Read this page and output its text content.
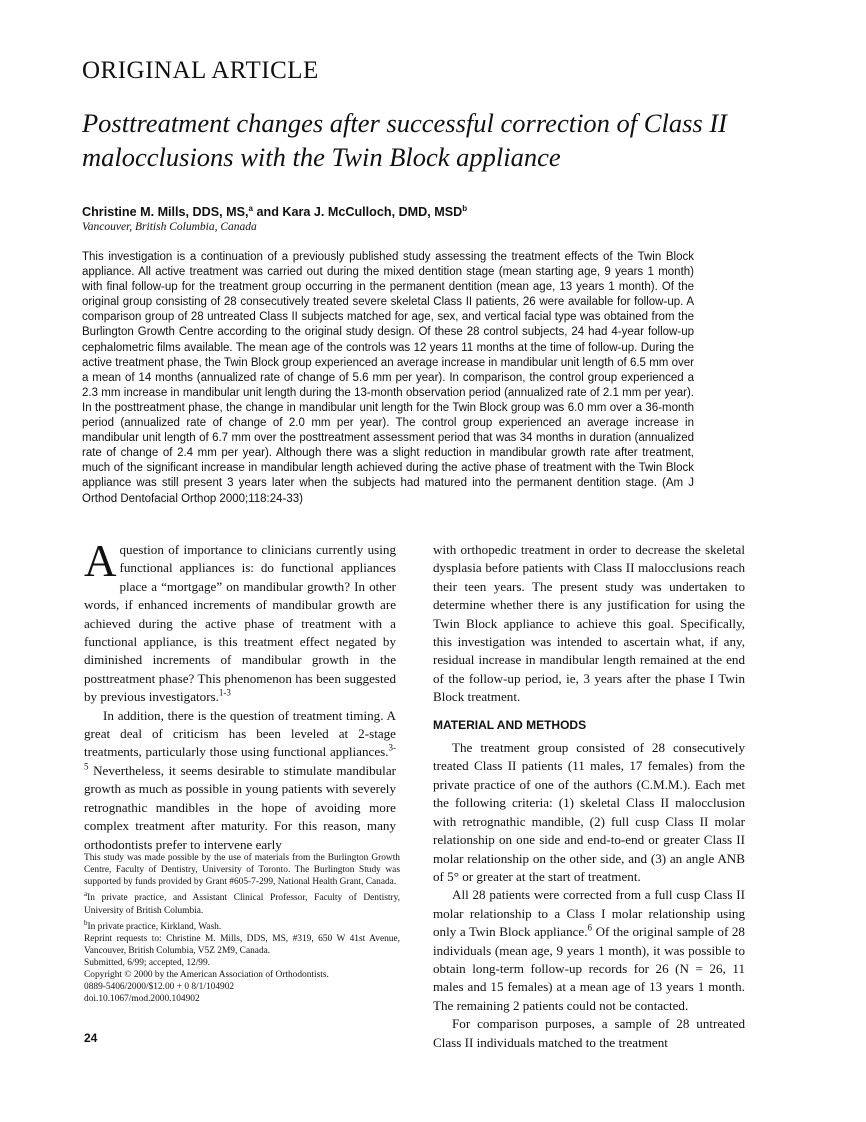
ORIGINAL ARTICLE
Posttreatment changes after successful correction of Class II
malocclusions with the Twin Block appliance
Christine M. Mills, DDS, MS,$^a$ and Kara J. McCulloch, DMD, MSD$^b$
Vancouver, British Columbia, Canada
This investigation is a continuation of a previously published study assessing the treatment effects of the Twin Block appliance. All active treatment was carried out during the mixed dentition stage (mean starting age, 9 years 1 month) with final follow-up for the treatment group occurring in the permanent dentition (mean age, 13 years 1 month). Of the original group consisting of 28 consecutively treated severe skeletal Class II patients, 26 were available for follow-up. A comparison group of 28 untreated Class II subjects matched for age, sex, and vertical facial type was obtained from the Burlington Growth Centre according to the original study design. Of these 28 control subjects, 24 had 4-year follow-up cephalometric films available. The mean age of the controls was 12 years 11 months at the time of follow-up. During the active treatment phase, the Twin Block group experienced an average increase in mandibular unit length of 6.5 mm over a mean of 14 months (annualized rate of change of 5.6 mm per year). In comparison, the control group experienced a 2.3 mm increase in mandibular unit length during the 13-month observation period (annualized rate of 2.1 mm per year). In the posttreatment phase, the change in mandibular unit length for the Twin Block group was 6.0 mm over a 36-month period (annualized rate of change of 2.0 mm per year). The control group experienced an average increase in mandibular unit length of 6.7 mm over the posttreatment assessment period that was 34 months in duration (annualized rate of change of 2.4 mm per year). Although there was a slight reduction in mandibular growth rate after treatment, much of the significant increase in mandibular length achieved during the active phase of treatment with the Twin Block appliance was still present 3 years later when the subjects had matured into the permanent dentition stage. (Am J Orthod Dentofacial Orthop 2000;118:24-33)

Aquestion of importance to clinicians currently using functional appliances is: do functional appliances place a “mortgage” on mandibular growth? In other words, if enhanced increments of mandibular growth are achieved during the active phase of treatment with a functional appliance, is this treatment effect negated by diminished increments of mandibular growth in the posttreatment phase? This phenomenon has been suggested by previous investigators.$^{1-3}$

In addition, there is the question of treatment timing. A great deal of criticism has been leveled at 2-stage treatments, particularly those using functional appliances.$^{3-5}$ Nevertheless, it seems desirable to stimulate mandibular growth as much as possible in young patients with severely retrognathic mandibles in the hope of avoiding more complex treatment after maturity. For this reason, many orthodontists prefer to intervene early

with orthopedic treatment in order to decrease the skeletal dysplasia before patients with Class II malocclusions reach their teen years. The present study was undertaken to determine whether there is any justification for using the Twin Block appliance to achieve this goal. Specifically, this investigation was intended to ascertain what, if any, residual increase in mandibular length remained at the end of the follow-up period, ie, 3 years after the phase I Twin Block treatment.

MATERIAL AND METHODS

The treatment group consisted of 28 consecutively treated Class II patients (11 males, 17 females) from the private practice of one of the authors (C.M.M.). Each met the following criteria: (1) skeletal Class II malocclusion with retrognathic mandible, (2) full cusp Class II molar relationship on one side and end-to-end or greater Class II molar relationship on the other side, and (3) an angle ANB of 5° or greater at the start of treatment.

All 28 patients were corrected from a full cusp Class II molar relationship to a Class I molar relationship using only a Twin Block appliance.$^6$ Of the original sample of 28 individuals (mean age, 9 years 1 month), it was possible to obtain long-term follow-up records for 26 (N = 26, 11 males and 15 females) at a mean age of 13 years 1 month. The remaining 2 patients could not be contacted.

For comparison purposes, a sample of 28 untreated Class II individuals matched to the treatment

This study was made possible by the use of materials from the Burlington Growth Centre, Faculty of Dentistry, University of Toronto. The Burlington Study was supported by funds provided by Grant #605-7-299, National Health Grant, Canada.

$^a$In private practice, and Assistant Clinical Professor, Faculty of Dentistry, University of British Columbia.

$^b$In private practice, Kirkland, Wash.

Reprint requests to: Christine M. Mills, DDS, MS, #319, 650 W 41st Avenue, Vancouver, British Columbia, V5Z 2M9, Canada.

Submitted, 6/99; accepted, 12/99.

Copyright © 2000 by the American Association of Orthodontists.

0889-5406/2000/$12.00 + 0 8/1/104902

doi.10.1067/mod.2000.104902

24
